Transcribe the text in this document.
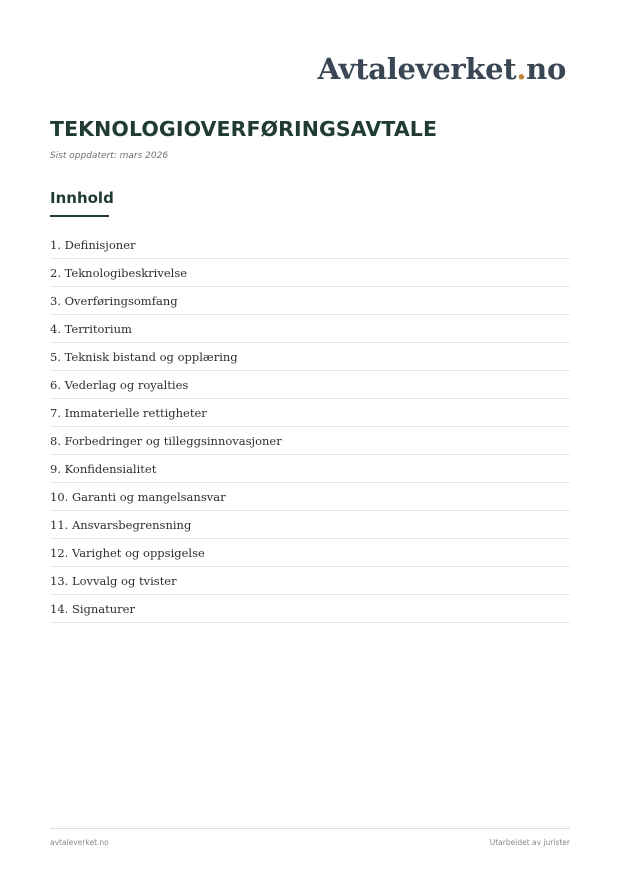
Avtaleverket.no
TEKNOLOGIOVERFØRINGSAVTALE
Sist oppdatert: mars 2026
Innhold
1. Definisjoner
2. Teknologibeskrivelse
3. Overføringsomfang
4. Territorium
5. Teknisk bistand og opplæring
6. Vederlag og royalties
7. Immaterielle rettigheter
8. Forbedringer og tilleggsinnovasjoner
9. Konfidensialitet
10. Garanti og mangelsansvar
11. Ansvarsbegrensning
12. Varighet og oppsigelse
13. Lovvalg og tvister
14. Signaturer
avtaleverket.no	Utarbeidet av jurister
